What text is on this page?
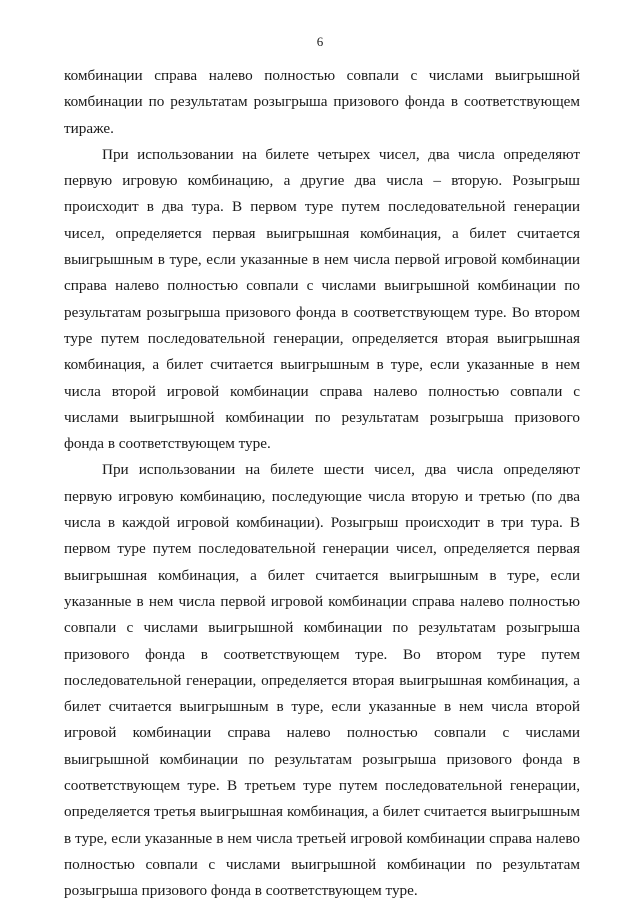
6

комбинации справа налево полностью совпали с числами выигрышной комбинации по результатам розыгрыша призового фонда в соответствующем тираже.

При использовании на билете четырех чисел, два числа определяют первую игровую комбинацию, а другие два числа – вторую. Розыгрыш происходит в два тура. В первом туре путем последовательной генерации чисел, определяется первая выигрышная комбинация, а билет считается выигрышным в туре, если указанные в нем числа первой игровой комбинации справа налево полностью совпали с числами выигрышной комбинации по результатам розыгрыша призового фонда в соответствующем туре. Во втором туре путем последовательной генерации, определяется вторая выигрышная комбинация, а билет считается выигрышным в туре, если указанные в нем числа второй игровой комбинации справа налево полностью совпали с числами выигрышной комбинации по результатам розыгрыша призового фонда в соответствующем туре.

При использовании на билете шести чисел, два числа определяют первую игровую комбинацию, последующие числа вторую и третью (по два числа в каждой игровой комбинации). Розыгрыш происходит в три тура. В первом туре путем последовательной генерации чисел, определяется первая выигрышная комбинация, а билет считается выигрышным в туре, если указанные в нем числа первой игровой комбинации справа налево полностью совпали с числами выигрышной комбинации по результатам розыгрыша призового фонда в соответствующем туре. Во втором туре путем последовательной генерации, определяется вторая выигрышная комбинация, а билет считается выигрышным в туре, если указанные в нем числа второй игровой комбинации справа налево полностью совпали с числами выигрышной комбинации по результатам розыгрыша призового фонда в соответствующем туре. В третьем туре путем последовательной генерации, определяется третья выигрышная комбинация, а билет считается выигрышным в туре, если указанные в нем числа третьей игровой комбинации справа налево полностью совпали с числами выигрышной комбинации по результатам розыгрыша призового фонда в соответствующем туре.
